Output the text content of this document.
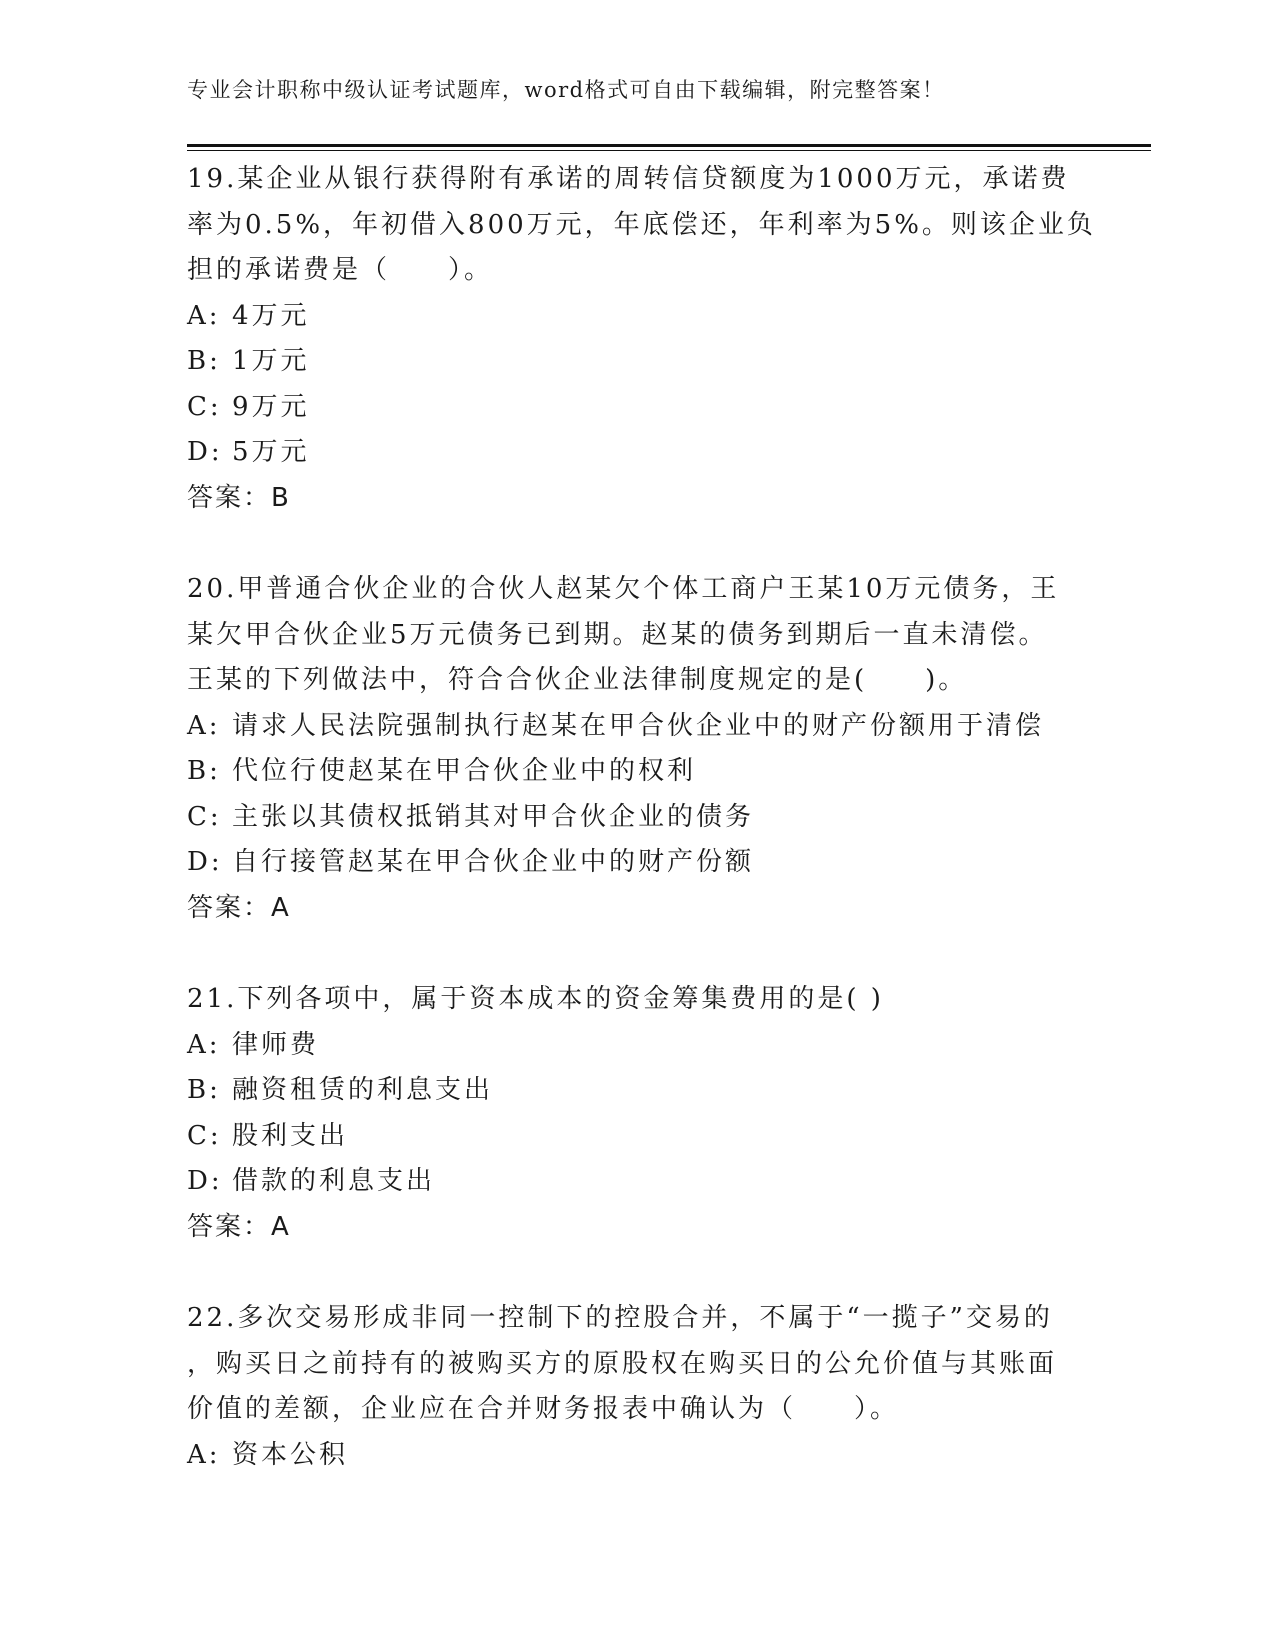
专业会计职称中级认证考试题库，word格式可自由下载编辑，附完整答案！
19.某企业从银行获得附有承诺的周转信贷额度为1000万元，承诺费
率为0.5%，年初借入800万元，年底偿还，年利率为5%。则该企业负
担的承诺费是（　　）。
A: 4万元
B: 1万元
C: 9万元
D: 5万元
答案：B
20.甲普通合伙企业的合伙人赵某欠个体工商户王某10万元债务，王
某欠甲合伙企业5万元债务已到期。赵某的债务到期后一直未清偿。
王某的下列做法中，符合合伙企业法律制度规定的是(　　)。
A: 请求人民法院强制执行赵某在甲合伙企业中的财产份额用于清偿
B: 代位行使赵某在甲合伙企业中的权利
C: 主张以其债权抵销其对甲合伙企业的债务
D: 自行接管赵某在甲合伙企业中的财产份额
答案：A
21.下列各项中，属于资本成本的资金筹集费用的是( )
A: 律师费
B: 融资租赁的利息支出
C: 股利支出
D: 借款的利息支出
答案：A
22.多次交易形成非同一控制下的控股合并，不属于“一揽子”交易的
，购买日之前持有的被购买方的原股权在购买日的公允价值与其账面
价值的差额，企业应在合并财务报表中确认为（　　）。
A: 资本公积
